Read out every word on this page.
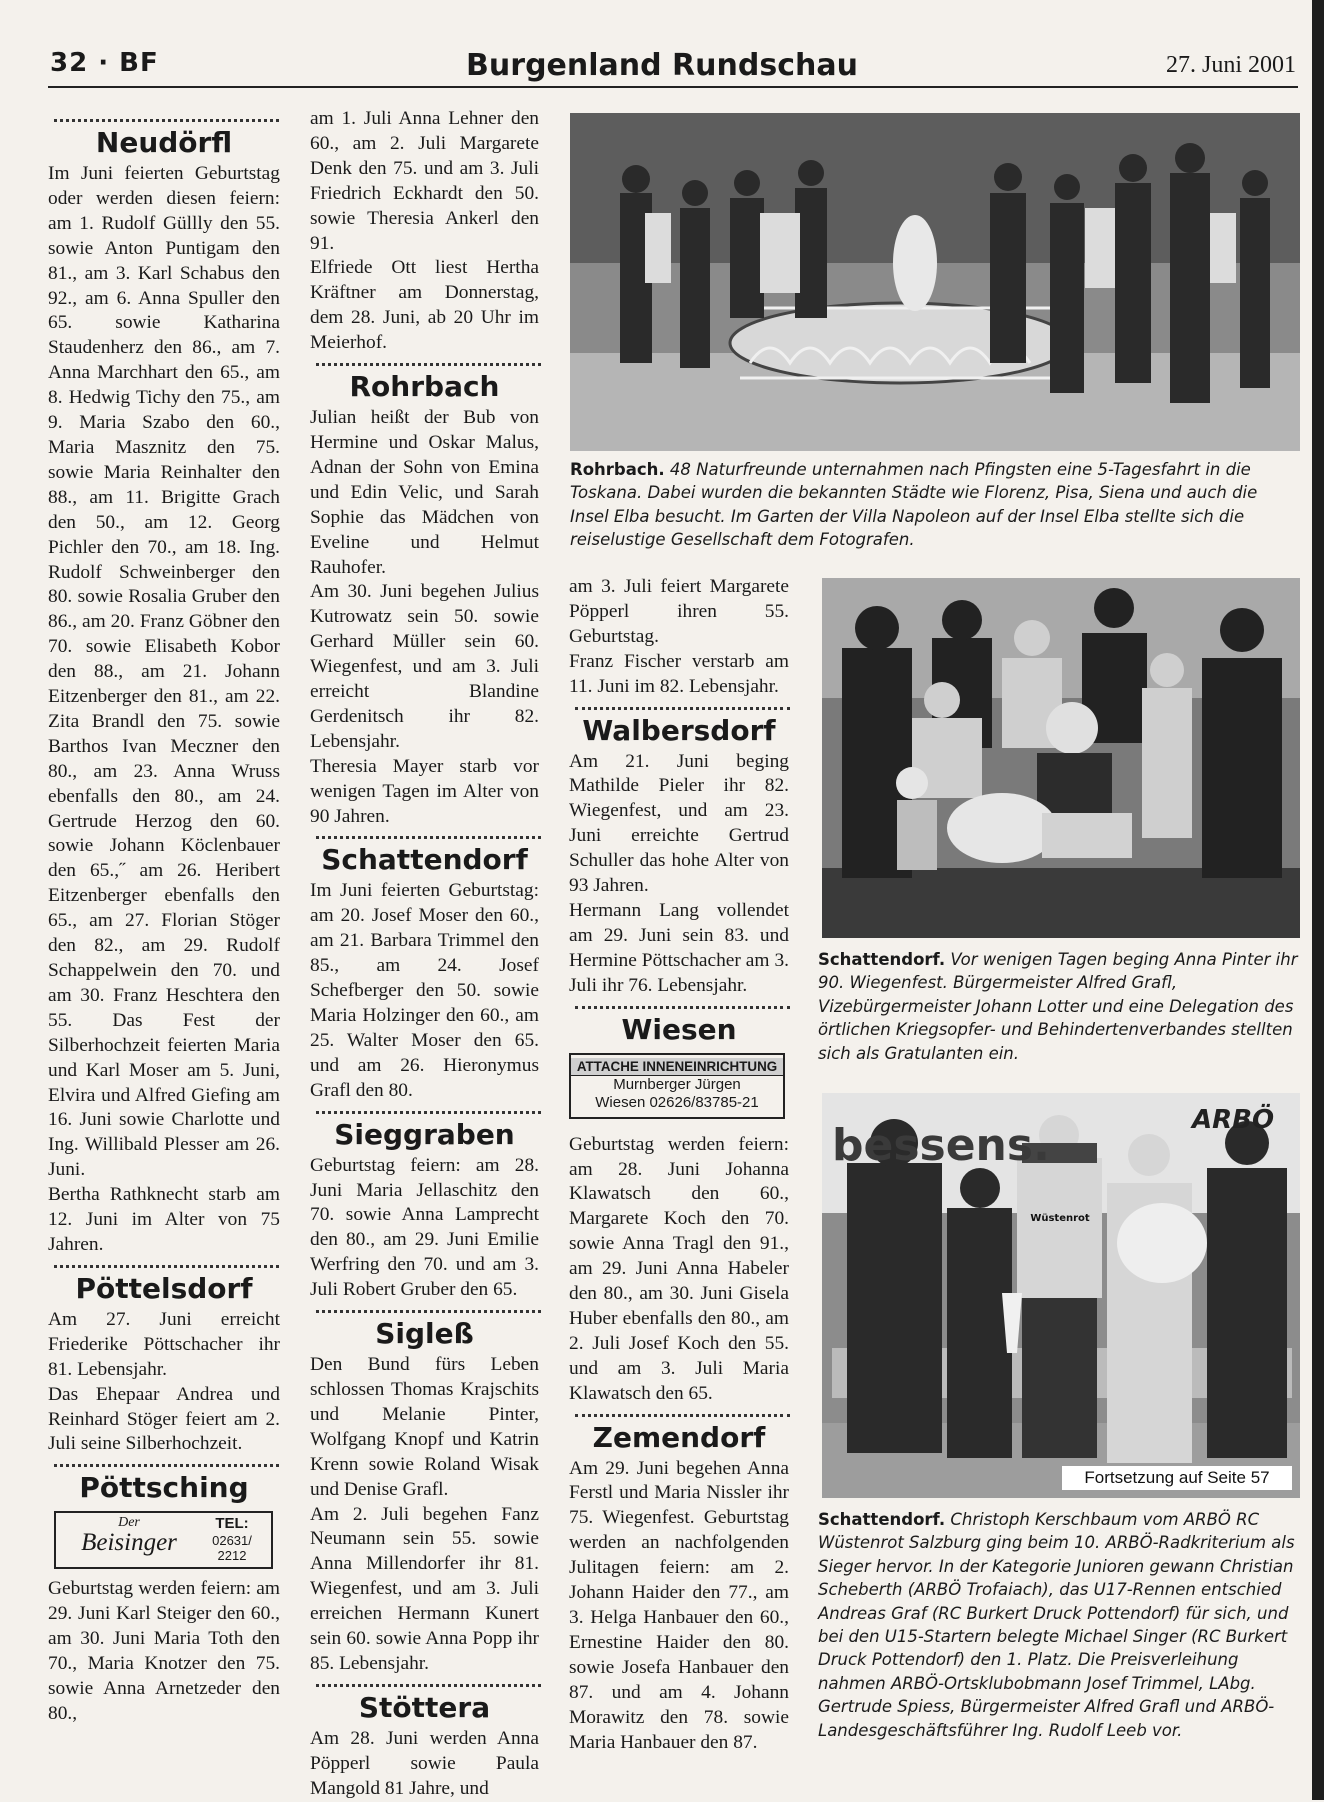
32 · BF	Burgenland Rundschau	27. Juni 2001
Neudörfl

Im Juni feierten Geburtstag oder werden diesen feiern: am 1. Rudolf Güllly den 55. sowie Anton Puntigam den 81., am 3. Karl Schabus den 92., am 6. Anna Spuller den 65. sowie Katharina Staudenherz den 86., am 7. Anna Marchhart den 65., am 8. Hedwig Tichy den 75., am 9. Maria Szabo den 60., Maria Masznitz den 75. sowie Maria Reinhalter den 88., am 11. Brigitte Grach den 50., am 12. Georg Pichler den 70., am 18. Ing. Rudolf Schweinberger den 80. sowie Rosalia Gruber den 86., am 20. Franz Göbner den 70. sowie Elisabeth Kobor den 88., am 21. Johann Eitzenberger den 81., am 22. Zita Brandl den 75. sowie Barthos Ivan Meczner den 80., am 23. Anna Wruss ebenfalls den 80., am 24. Gertrude Herzog den 60. sowie Johann Köclenbauer den 65.,˝ am 26. Heribert Eitzenberger ebenfalls den 65., am 27. Florian Stöger den 82., am 29. Rudolf Schappelwein den 70. und am 30. Franz Heschtera den 55. Das Fest der Silberhochzeit feierten Maria und Karl Moser am 5. Juni, Elvira und Alfred Giefing am 16. Juni sowie Charlotte und Ing. Willibald Plesser am 26. Juni.

Bertha Rathknecht starb am 12. Juni im Alter von 75 Jahren.

Pöttelsdorf

Am 27. Juni erreicht Friederike Pöttschacher ihr 81. Lebensjahr.

Das Ehepaar Andrea und Reinhard Stöger feiert am 2. Juli seine Silberhochzeit.

Pöttsching
Der
Beisinger
TEL:
02631/
2212

Geburtstag werden feiern: am 29. Juni Karl Steiger den 60., am 30. Juni Maria Toth den 70., Maria Knotzer den 75. sowie Anna Arnetzeder den 80.,

am 1. Juli Anna Lehner den 60., am 2. Juli Margarete Denk den 75. und am 3. Juli Friedrich Eckhardt den 50. sowie Theresia Ankerl den 91.

Elfriede Ott liest Hertha Kräftner am Donnerstag, dem 28. Juni, ab 20 Uhr im Meierhof.

Rohrbach

Julian heißt der Bub von Hermine und Oskar Malus, Adnan der Sohn von Emina und Edin Velic, und Sarah Sophie das Mädchen von Eveline und Helmut Rauhofer.

Am 30. Juni begehen Julius Kutrowatz sein 50. sowie Gerhard Müller sein 60. Wiegenfest, und am 3. Juli erreicht Blandine Gerdenitsch ihr 82. Lebensjahr.

Theresia Mayer starb vor wenigen Tagen im Alter von 90 Jahren.

Schattendorf

Im Juni feierten Geburtstag: am 20. Josef Moser den 60., am 21. Barbara Trimmel den 85., am 24. Josef Schefberger den 50. sowie Maria Holzinger den 60., am 25. Walter Moser den 65. und am 26. Hieronymus Grafl den 80.

Sieggraben

Geburtstag feiern: am 28. Juni Maria Jellaschitz den 70. sowie Anna Lamprecht den 80., am 29. Juni Emilie Werfring den 70. und am 3. Juli Robert Gruber den 65.

Sigleß

Den Bund fürs Leben schlossen Thomas Krajschits und Melanie Pinter, Wolfgang Knopf und Katrin Krenn sowie Roland Wisak und Denise Grafl.

Am 2. Juli begehen Fanz Neumann sein 55. sowie Anna Millendorfer ihr 81. Wiegenfest, und am 3. Juli erreichen Hermann Kunert sein 60. sowie Anna Popp ihr 85. Lebensjahr.

Stöttera

Am 28. Juni werden Anna Pöpperl sowie Paula Mangold 81 Jahre, und

Rohrbach. 48 Naturfreunde unternahmen nach Pfingsten eine 5-Tagesfahrt in die Toskana. Dabei wurden die bekannten Städte wie Florenz, Pisa, Siena und auch die Insel Elba besucht. Im Garten der Villa Napoleon auf der Insel Elba stellte sich die reiselustige Gesellschaft dem Fotografen.

am 3. Juli feiert Margarete Pöpperl ihren 55. Geburtstag.

Franz Fischer verstarb am 11. Juni im 82. Lebensjahr.

Walbersdorf

Am 21. Juni beging Mathilde Pieler ihr 82. Wiegenfest, und am 23. Juni erreichte Gertrud Schuller das hohe Alter von 93 Jahren.

Hermann Lang vollendet am 29. Juni sein 83. und Hermine Pöttschacher am 3. Juli ihr 76. Lebensjahr.

Wiesen
ATTACHE INNENEINRICHTUNG
Murnberger Jürgen
Wiesen 02626/83785-21

Geburtstag werden feiern: am 28. Juni Johanna Klawatsch den 60., Margarete Koch den 70. sowie Anna Tragl den 91., am 29. Juni Anna Habeler den 80., am 30. Juni Gisela Huber ebenfalls den 80., am 2. Juli Josef Koch den 55. und am 3. Juli Maria Klawatsch den 65.

Zemendorf

Am 29. Juni begehen Anna Ferstl und Maria Nissler ihr 75. Wiegenfest. Geburtstag werden an nachfolgenden Julitagen feiern: am 2. Johann Haider den 77., am 3. Helga Hanbauer den 60., Ernestine Haider den 80. sowie Josefa Hanbauer den 87. und am 4. Johann Morawitz den 78. sowie Maria Hanbauer den 87.

Schattendorf. Vor wenigen Tagen beging Anna Pinter ihr 90. Wiegenfest. Bürgermeister Alfred Grafl, Vizebürgermeister Johann Lotter und eine Delegation des örtlichen Kriegsopfer- und Behindertenverbandes stellten sich als Gratulanten ein.
bessens.	ARBÖ
Wüstenrot
Fortsetzung auf Seite 57
Schattendorf. Christoph Kerschbaum vom ARBÖ RC Wüstenrot Salzburg ging beim 10. ARBÖ-Radkriterium als Sieger hervor. In der Kategorie Junioren gewann Christian Scheberth (ARBÖ Trofaiach), das U17-Rennen entschied Andreas Graf (RC Burkert Druck Pottendorf) für sich, und bei den U15-Startern belegte Michael Singer (RC Burkert Druck Pottendorf) den 1. Platz. Die Preisverleihung nahmen ARBÖ-Ortsklubobmann Josef Trimmel, LAbg. Gertrude Spiess, Bürgermeister Alfred Grafl und ARBÖ-Landesgeschäftsführer Ing. Rudolf Leeb vor.
